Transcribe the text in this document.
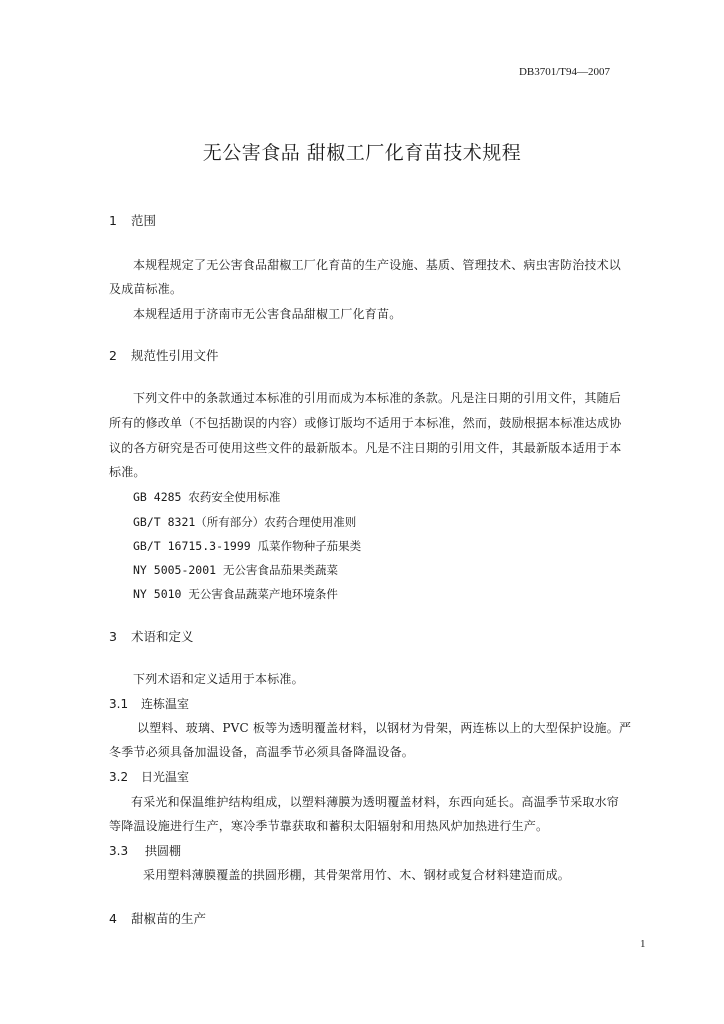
DB3701/T94—2007
无公害食品 甜椒工厂化育苗技术规程
1 范围
本规程规定了无公害食品甜椒工厂化育苗的生产设施、基质、管理技术、病虫害防治技术以
及成苗标准。
本规程适用于济南市无公害食品甜椒工厂化育苗。
2 规范性引用文件
下列文件中的条款通过本标准的引用而成为本标准的条款。凡是注日期的引用文件，其随后
所有的修改单（不包括勘误的内容）或修订版均不适用于本标准，然而，鼓励根据本标准达成协
议的各方研究是否可使用这些文件的最新版本。凡是不注日期的引用文件，其最新版本适用于本
标准。
GB 4285 农药安全使用标准
GB/T 8321（所有部分）农药合理使用准则
GB/T 16715.3-1999 瓜菜作物种子茄果类
NY 5005-2001 无公害食品茄果类蔬菜
NY 5010 无公害食品蔬菜产地环境条件
3 术语和定义
下列术语和定义适用于本标准。
3.1 连栋温室
以塑料、玻璃、PVC 板等为透明覆盖材料，以钢材为骨架，两连栋以上的大型保护设施。严
冬季节必须具备加温设备，高温季节必须具备降温设备。
3.2 日光温室
有采光和保温维护结构组成，以塑料薄膜为透明覆盖材料，东西向延长。高温季节采取水帘
等降温设施进行生产，寒冷季节靠获取和蓄积太阳辐射和用热风炉加热进行生产。
3.3 拱圆棚
采用塑料薄膜覆盖的拱圆形棚，其骨架常用竹、木、钢材或复合材料建造而成。
4 甜椒苗的生产
1
